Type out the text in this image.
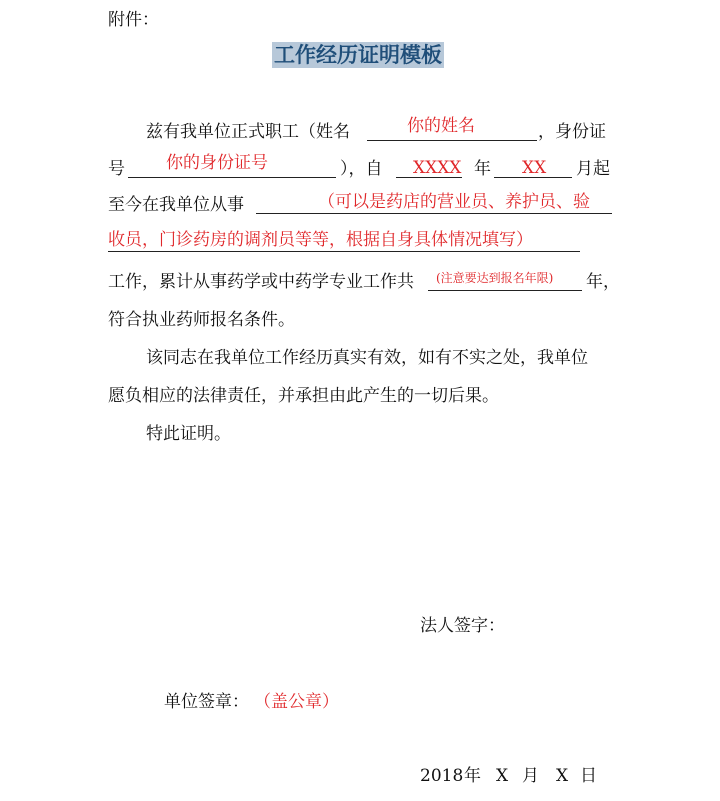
附件：
工作经历证明模板
兹有我单位正式职工（姓名	你的姓名	，身份证
号 你的身份证号	），自 XXXX 年 XX 月起
至今在我单位从事	（可以是药店的营业员、养护员、验
收员，门诊药房的调剂员等等，根据自身具体情况填写）
工作，累计从事药学或中药学专业工作共 (注意要达到报名年限) 年，
符合执业药师报名条件。
该同志在我单位工作经历真实有效，如有不实之处，我单位
愿负相应的法律责任，并承担由此产生的一切后果。
特此证明。
法人签字：
单位签章： （盖公章）
2018 年 X 月 X 日
